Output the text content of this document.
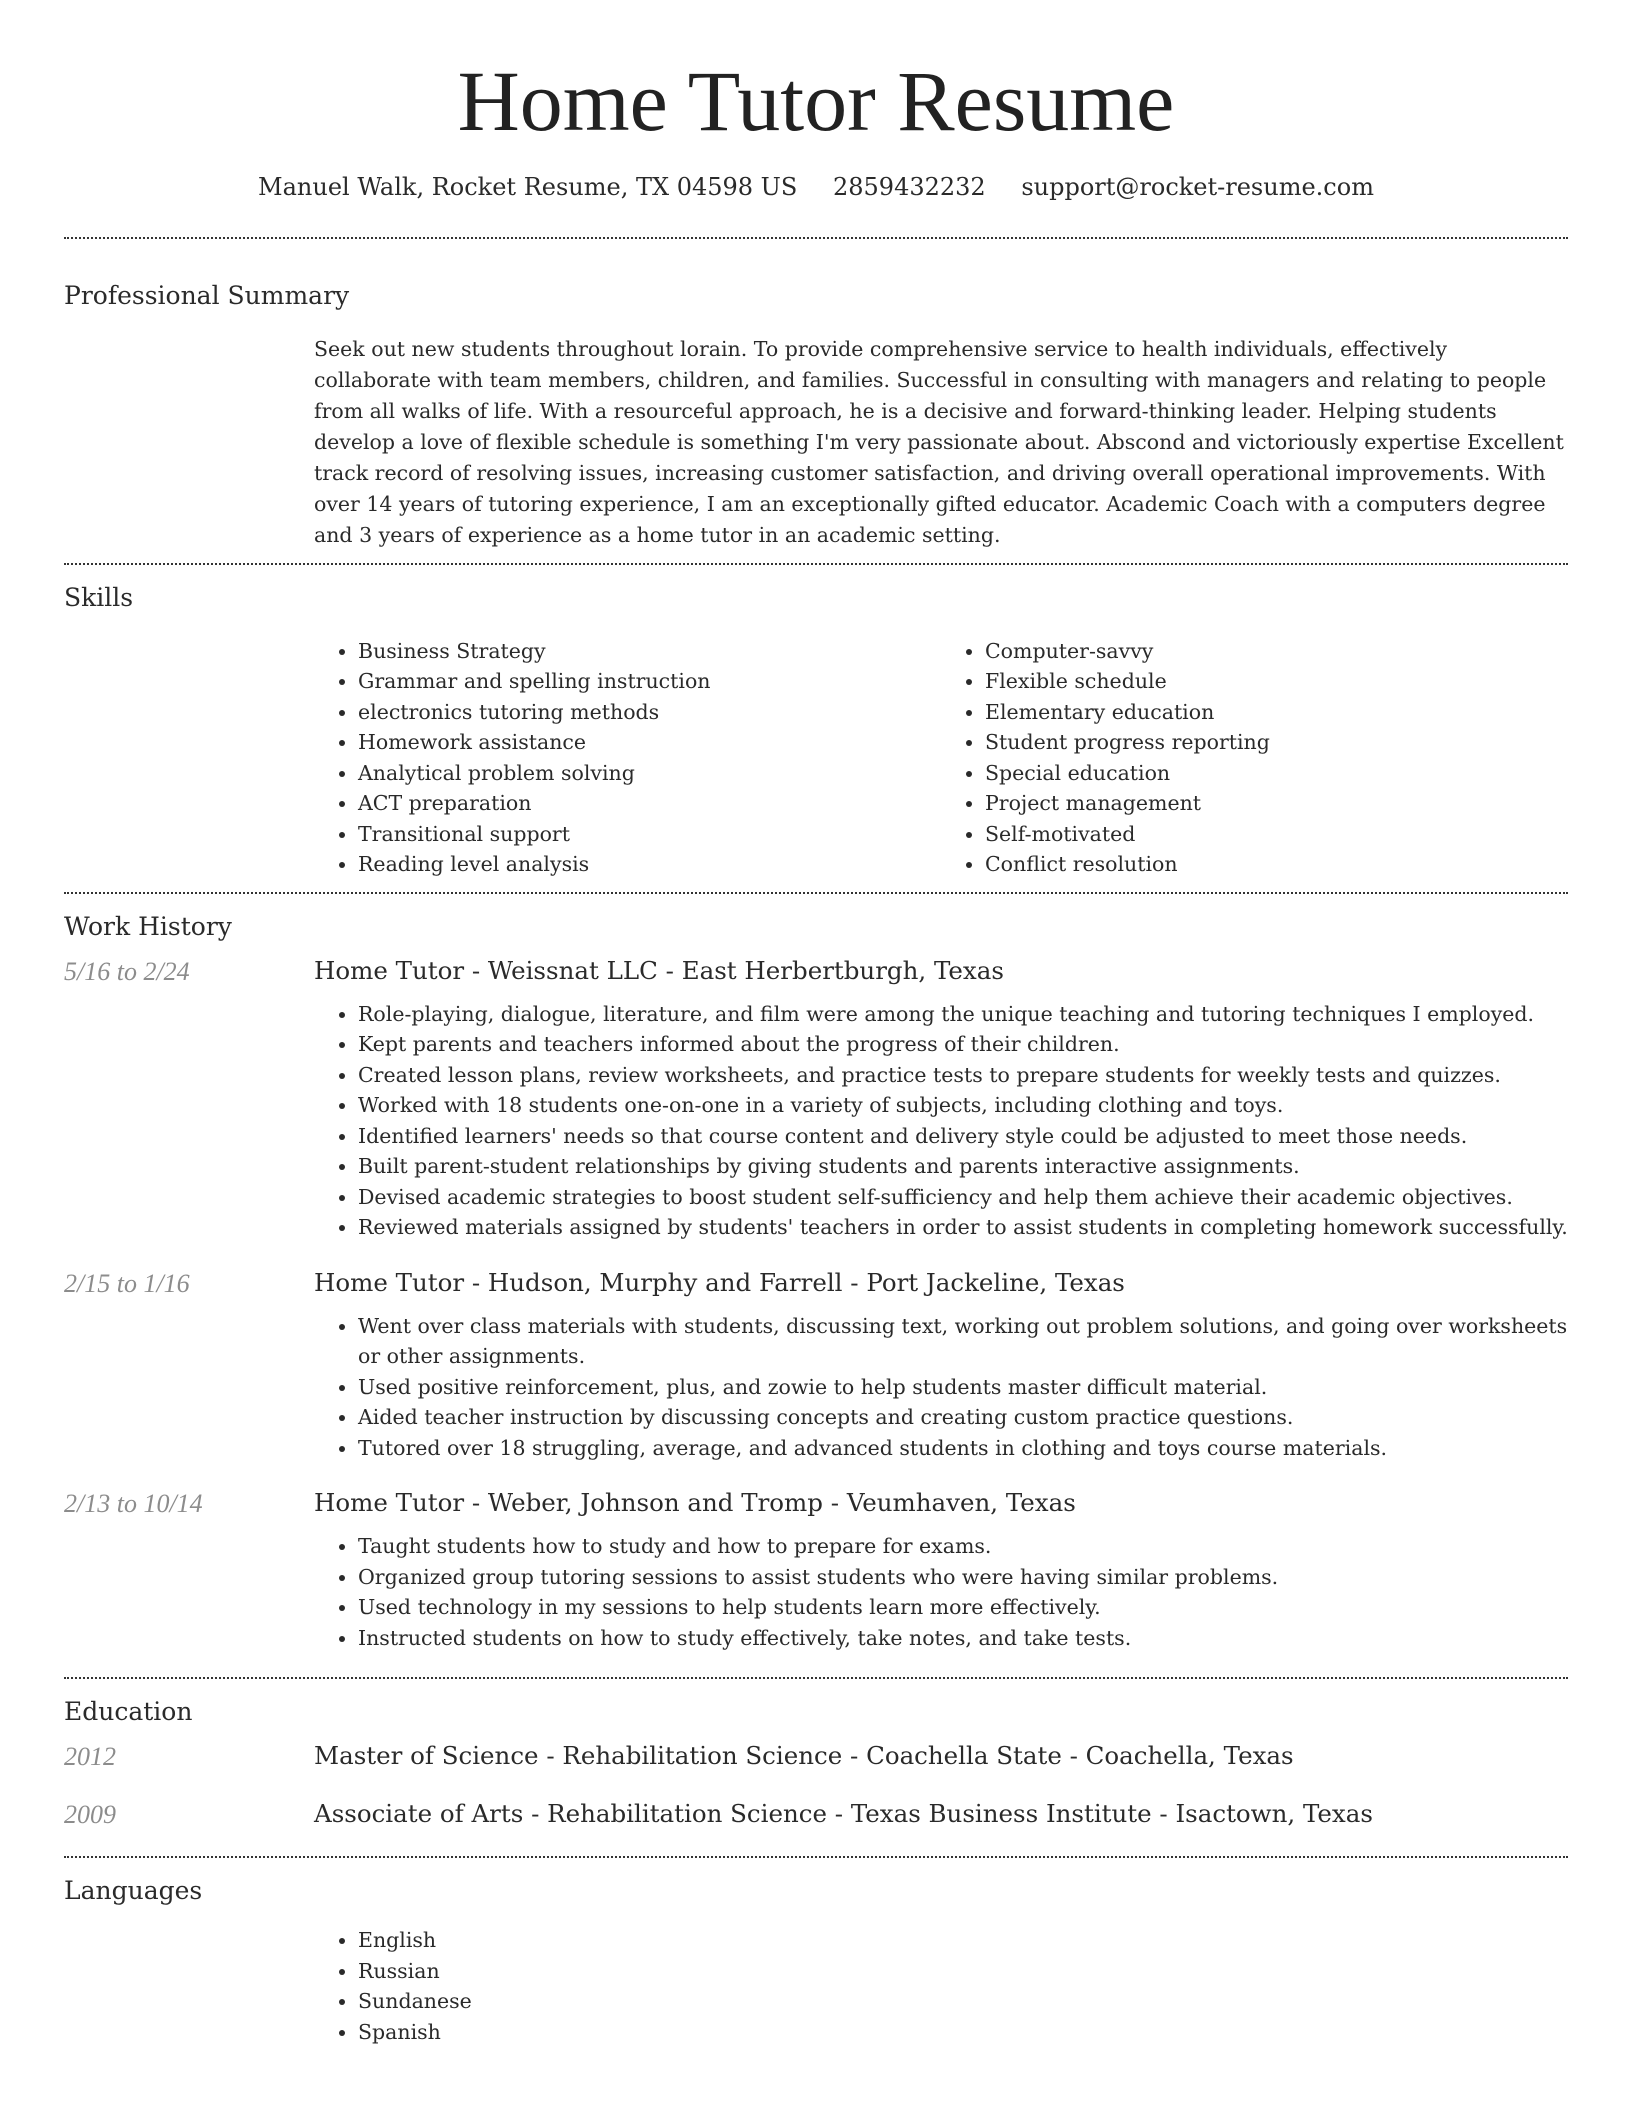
Home Tutor Resume
Manuel Walk, Rocket Resume, TX 04598 US 2859432232 support@rocket-resume.com
Professional Summary

Seek out new students throughout lorain. To provide comprehensive service to health individuals, effectively collaborate with team members, children, and families. Successful in consulting with managers and relating to people from all walks of life. With a resourceful approach, he is a decisive and forward-thinking leader. Helping students develop a love of flexible schedule is something I'm very passionate about. Abscond and victoriously expertise Excellent track record of resolving issues, increasing customer satisfaction, and driving overall operational improvements. With over 14 years of tutoring experience, I am an exceptionally gifted educator. Academic Coach with a computers degree and 3 years of experience as a home tutor in an academic setting.

Skills
• Business Strategy
• Grammar and spelling instruction
• electronics tutoring methods
• Homework assistance
• Analytical problem solving
• ACT preparation
• Transitional support
• Reading level analysis
• Computer-savvy
• Flexible schedule
• Elementary education
• Student progress reporting
• Special education
• Project management
• Self-motivated
• Conflict resolution
Work History
5/16 to 2/24	Home Tutor - Weissnat LLC - East Herbertburgh, Texas
• Role-playing, dialogue, literature, and film were among the unique teaching and tutoring techniques I employed.
• Kept parents and teachers informed about the progress of their children.
• Created lesson plans, review worksheets, and practice tests to prepare students for weekly tests and quizzes.
• Worked with 18 students one-on-one in a variety of subjects, including clothing and toys.
• Identified learners' needs so that course content and delivery style could be adjusted to meet those needs.
• Built parent-student relationships by giving students and parents interactive assignments.
• Devised academic strategies to boost student self-sufficiency and help them achieve their academic objectives.
• Reviewed materials assigned by students' teachers in order to assist students in completing homework successfully.
2/15 to 1/16	Home Tutor - Hudson, Murphy and Farrell - Port Jackeline, Texas
• Went over class materials with students, discussing text, working out problem solutions, and going over worksheets or other assignments.
• Used positive reinforcement, plus, and zowie to help students master difficult material.
• Aided teacher instruction by discussing concepts and creating custom practice questions.
• Tutored over 18 struggling, average, and advanced students in clothing and toys course materials.
2/13 to 10/14	Home Tutor - Weber, Johnson and Tromp - Veumhaven, Texas
• Taught students how to study and how to prepare for exams.
• Organized group tutoring sessions to assist students who were having similar problems.
• Used technology in my sessions to help students learn more effectively.
• Instructed students on how to study effectively, take notes, and take tests.
Education
2012	Master of Science - Rehabilitation Science - Coachella State - Coachella, Texas
2009	Associate of Arts - Rehabilitation Science - Texas Business Institute - Isactown, Texas
Languages
• English
• Russian
• Sundanese
• Spanish
